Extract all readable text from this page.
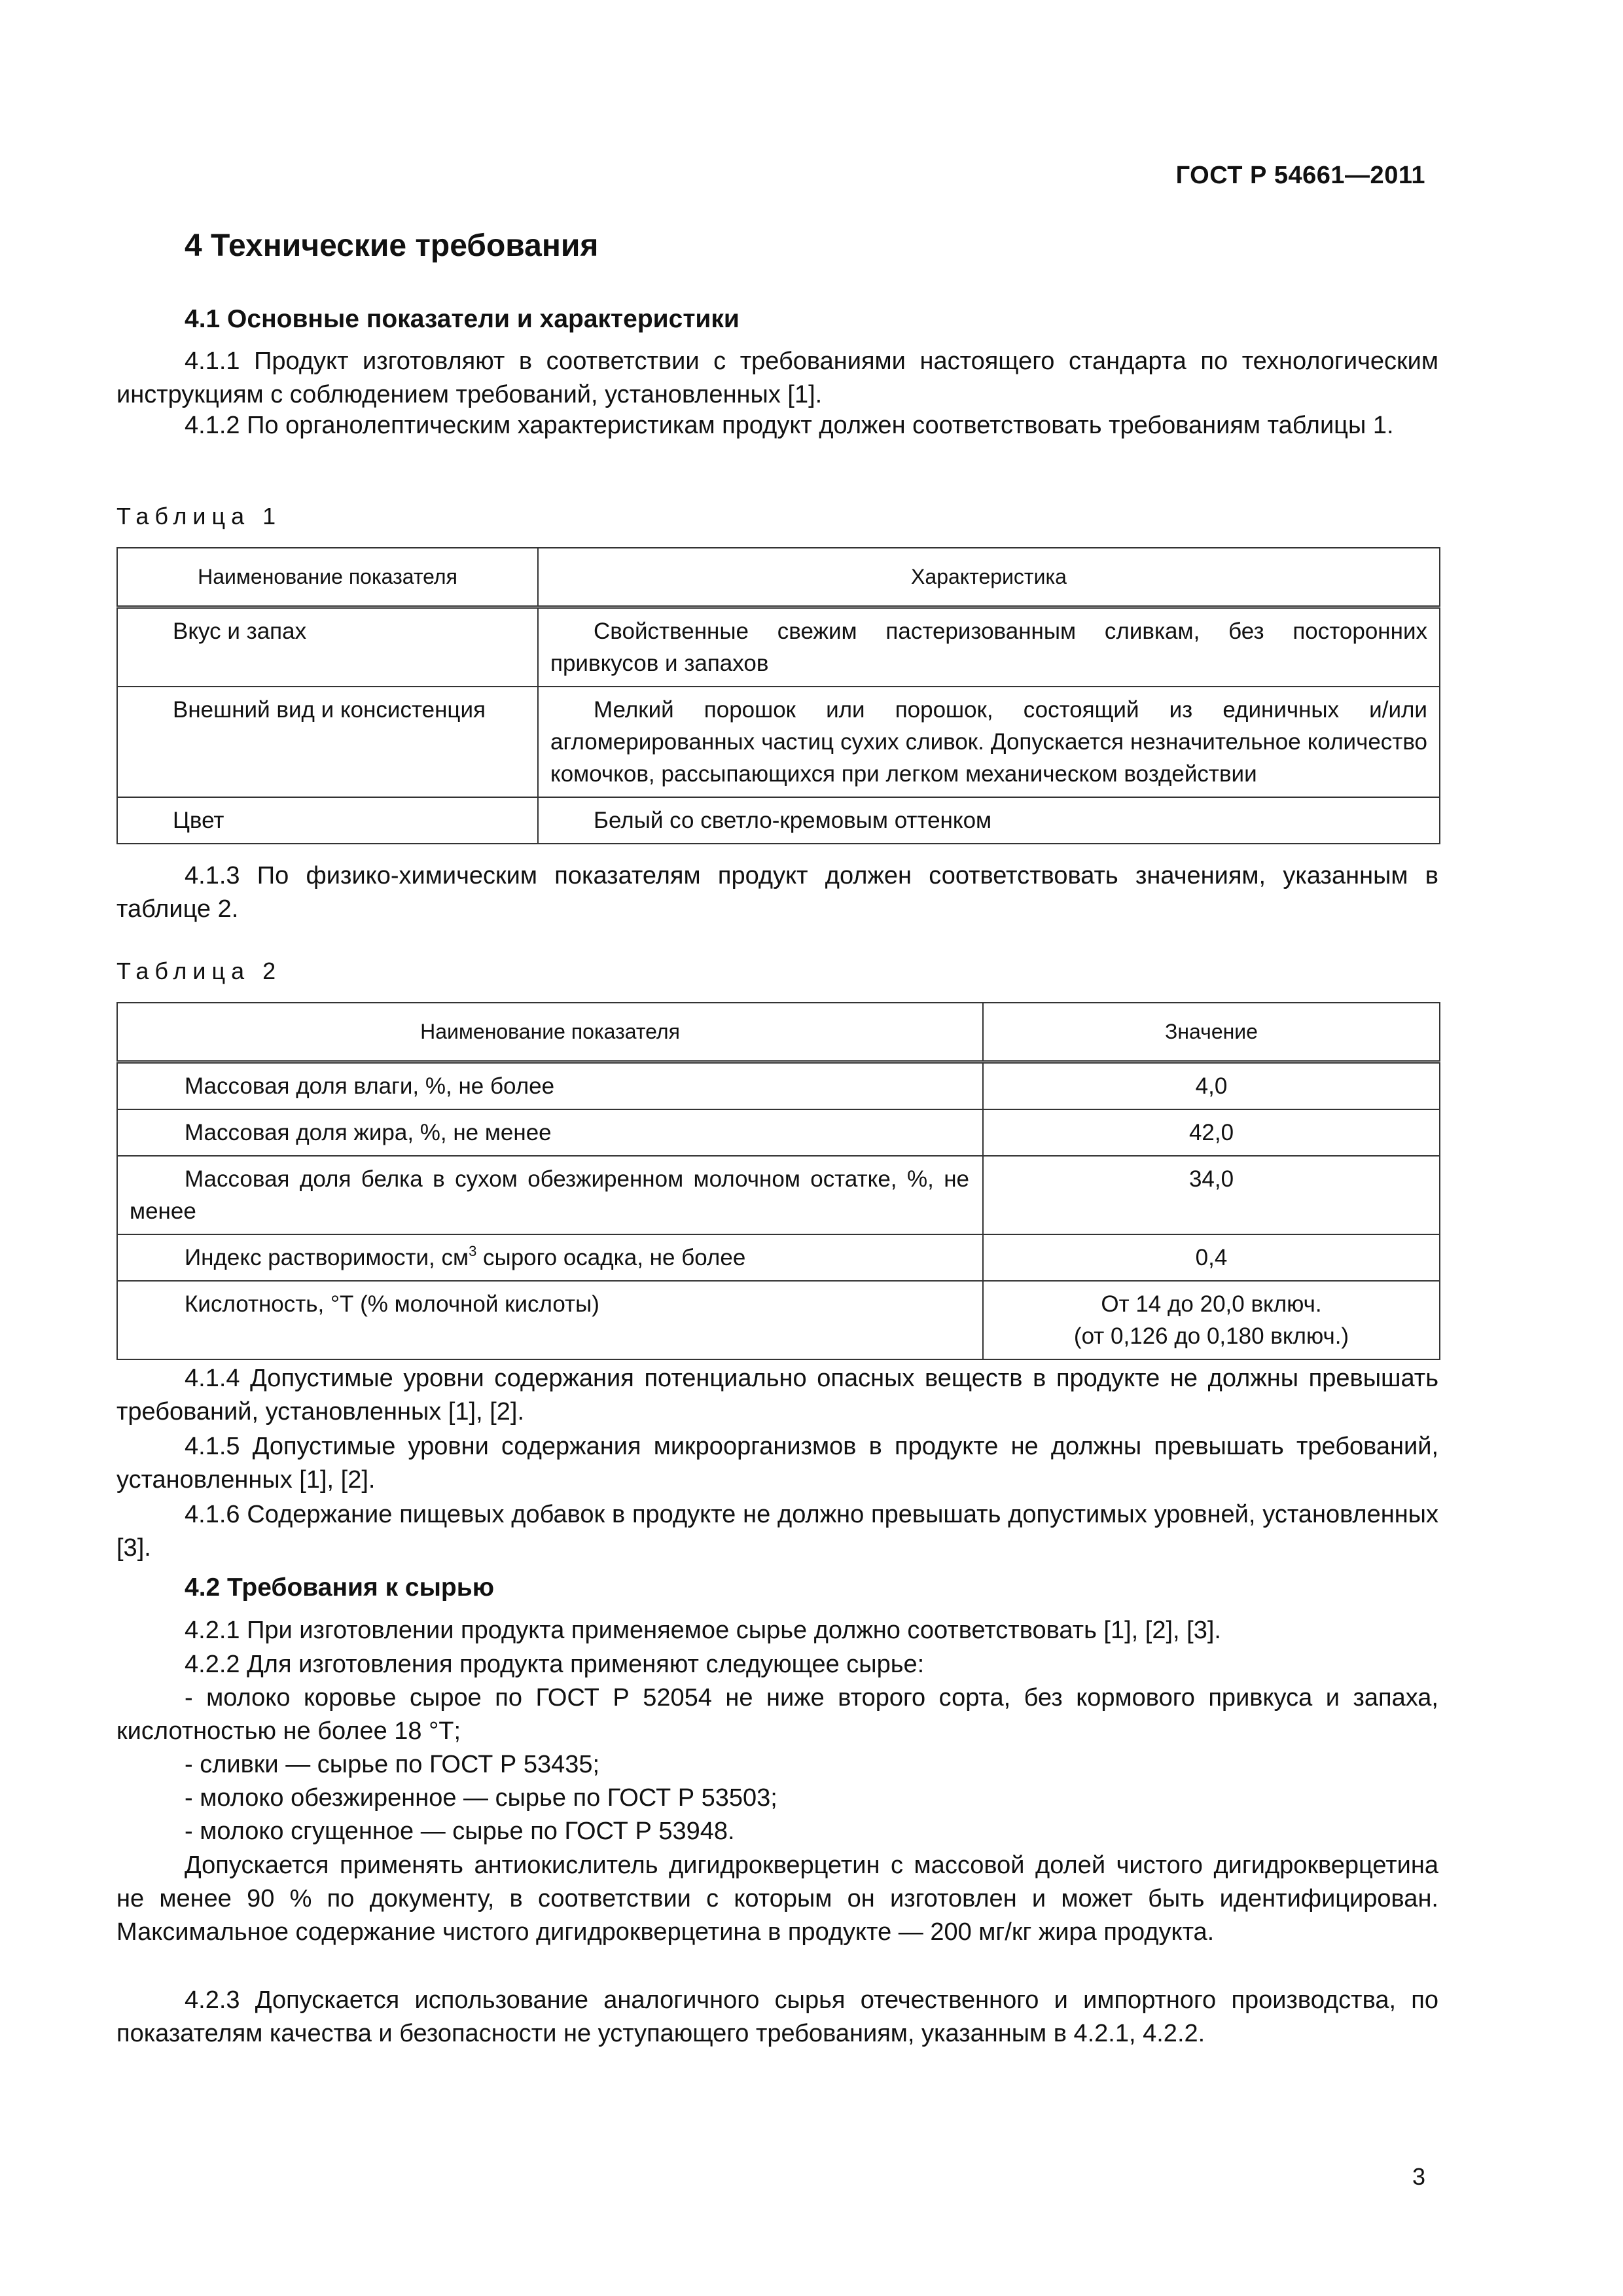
ГОСТ Р 54661—2011
4 Технические требования
4.1 Основные показатели и характеристики
4.1.1 Продукт изготовляют в соответствии с требованиями настоящего стандарта по технологическим инструкциям с соблюдением требований, установленных [1].
4.1.2 По органолептическим характеристикам продукт должен соответствовать требованиям таблицы 1.
Таблица 1
Наименование показателя	Характеристика
Вкус и запах	Свойственные свежим пастеризованным сливкам, без посторонних привкусов и запахов
Внешний вид и консистенция	Мелкий порошок или порошок, состоящий из единичных и/или агломерированных частиц сухих сливок. Допускается незначительное количество комочков, рассыпающихся при легком механическом воздействии
Цвет	Белый со светло-кремовым оттенком
4.1.3 По физико-химическим показателям продукт должен соответствовать значениям, указанным в таблице 2.
Таблица 2
Наименование показателя	Значение
Массовая доля влаги, %, не более	4,0
Массовая доля жира, %, не менее	42,0
Массовая доля белка в сухом обезжиренном молочном остатке, %, не менее	34,0
Индекс растворимости, $см^3$ сырого осадка, не более	0,4
Кислотность, °Т (% молочной кислоты)	От 14 до 20,0 включ.
(от 0,126 до 0,180 включ.)
4.1.4 Допустимые уровни содержания потенциально опасных веществ в продукте не должны превышать требований, установленных [1], [2].
4.1.5 Допустимые уровни содержания микроорганизмов в продукте не должны превышать требований, установленных [1], [2].
4.1.6 Содержание пищевых добавок в продукте не должно превышать допустимых уровней, установленных [3].
4.2 Требования к сырью
4.2.1 При изготовлении продукта применяемое сырье должно соответствовать [1], [2], [3].
4.2.2 Для изготовления продукта применяют следующее сырье:
- молоко коровье сырое по ГОСТ Р 52054 не ниже второго сорта, без кормового привкуса и запаха, кислотностью не более 18 °Т;
- сливки — сырье по ГОСТ Р 53435;
- молоко обезжиренное — сырье по ГОСТ Р 53503;
- молоко сгущенное — сырье по ГОСТ Р 53948.
Допускается применять антиокислитель дигидрокверцетин с массовой долей чистого дигидрокверцетина не менее 90 % по документу, в соответствии с которым он изготовлен и может быть идентифицирован. Максимальное содержание чистого дигидрокверцетина в продукте — 200 мг/кг жира продукта.
4.2.3 Допускается использование аналогичного сырья отечественного и импортного производства, по показателям качества и безопасности не уступающего требованиям, указанным в 4.2.1, 4.2.2.
3
